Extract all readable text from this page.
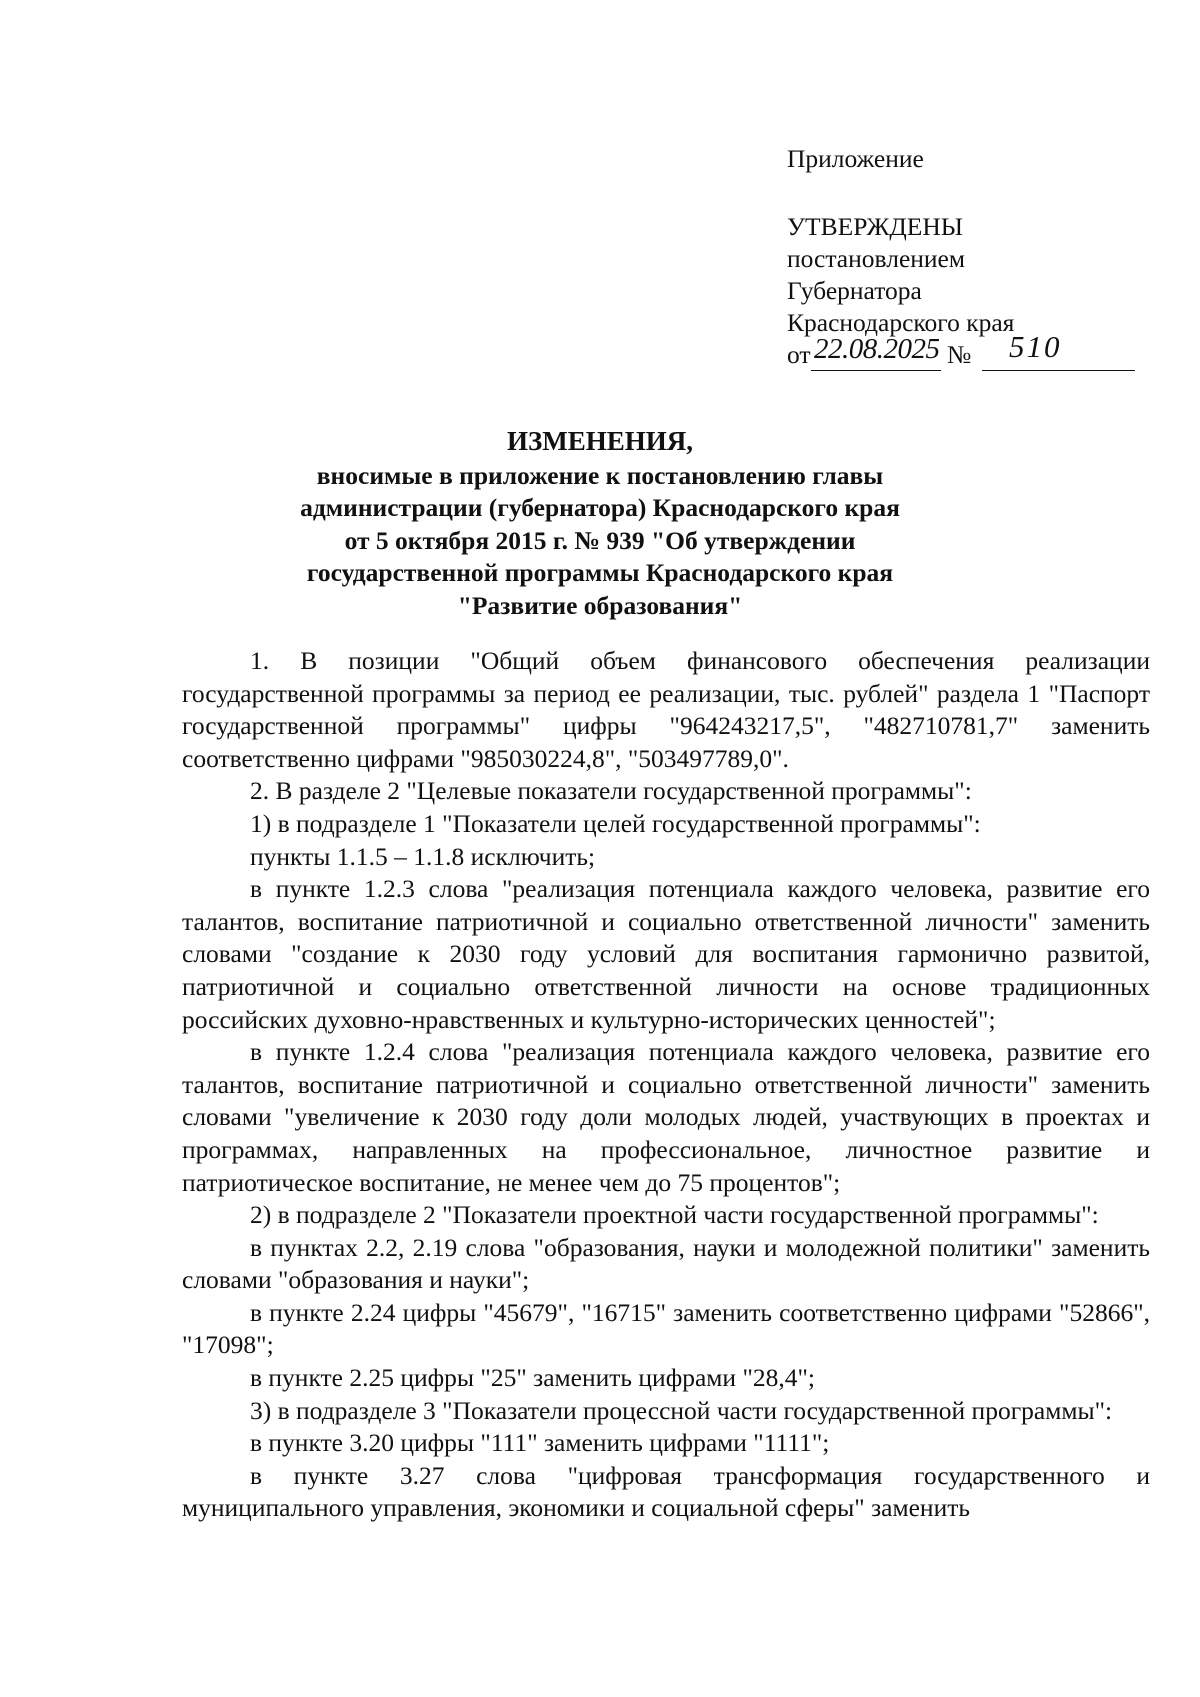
Приложение
УТВЕРЖДЕНЫ
постановлением
Губернатора
Краснодарского края
от 22.08.2025 № 510
ИЗМЕНЕНИЯ,
вносимые в приложение к постановлению главы
администрации (губернатора) Краснодарского края
от 5 октября 2015 г. № 939 "Об утверждении
государственной программы Краснодарского края
"Развитие образования"

1. В позиции "Общий объем финансового обеспечения реализации государственной программы за период ее реализации, тыс. рублей" раздела 1 "Паспорт государственной программы" цифры "964243217,5", "482710781,7" заменить соответственно цифрами "985030224,8", "503497789,0".

2. В разделе 2 "Целевые показатели государственной программы":

1) в подразделе 1 "Показатели целей государственной программы":

пункты 1.1.5 – 1.1.8 исключить;

в пункте 1.2.3 слова "реализация потенциала каждого человека, развитие его талантов, воспитание патриотичной и социально ответственной личности" заменить словами "создание к 2030 году условий для воспитания гармонично развитой, патриотичной и социально ответственной личности на основе традиционных российских духовно-нравственных и культурно-исторических ценностей";

в пункте 1.2.4 слова "реализация потенциала каждого человека, развитие его талантов, воспитание патриотичной и социально ответственной личности" заменить словами "увеличение к 2030 году доли молодых людей, участвующих в проектах и программах, направленных на профессиональное, личностное развитие и патриотическое воспитание, не менее чем до 75 процентов";

2) в подразделе 2 "Показатели проектной части государственной программы":

в пунктах 2.2, 2.19 слова "образования, науки и молодежной политики" заменить словами "образования и науки";

в пункте 2.24 цифры "45679", "16715" заменить соответственно цифрами "52866", "17098";

в пункте 2.25 цифры "25" заменить цифрами "28,4";

3) в подразделе 3 "Показатели процессной части государственной программы":

в пункте 3.20 цифры "111" заменить цифрами "1111";

в пункте 3.27 слова "цифровая трансформация государственного и муниципального управления, экономики и социальной сферы" заменить
